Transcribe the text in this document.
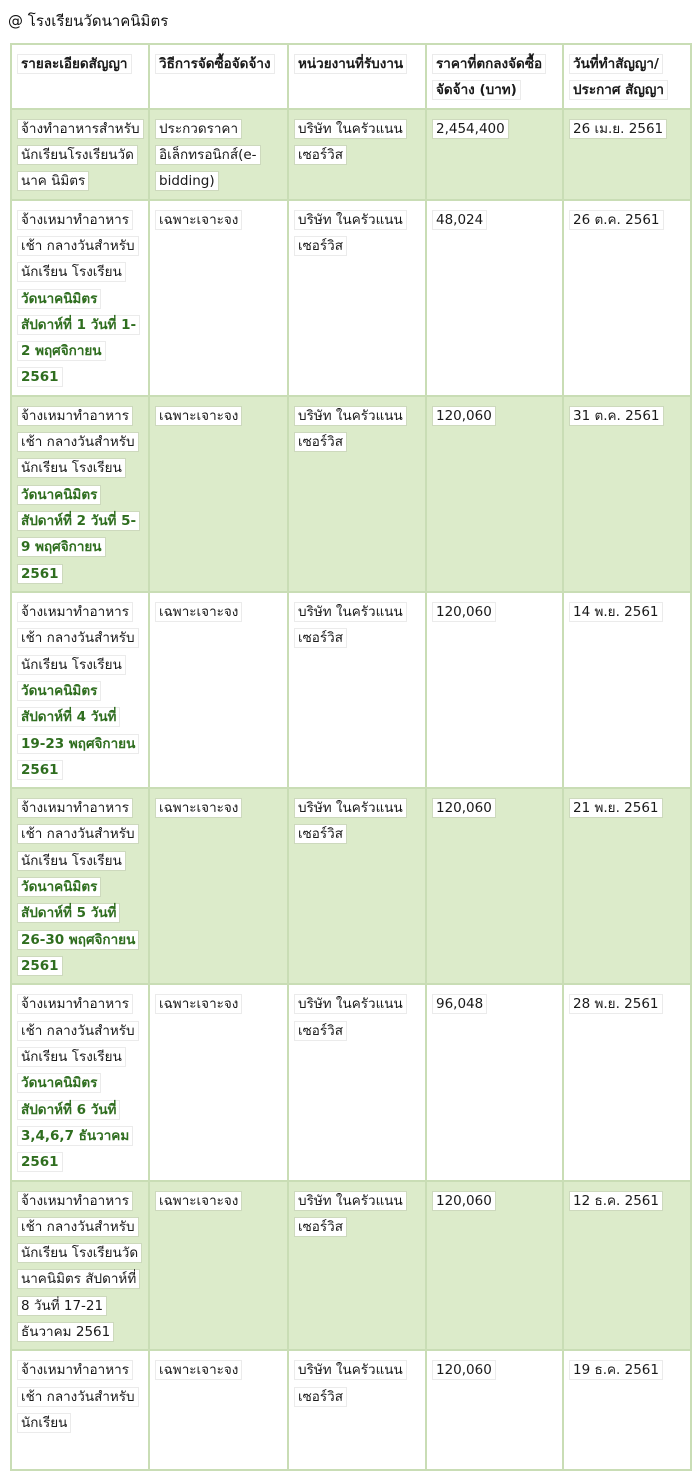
@ โรงเรียนวัดนาคนิมิตร
รายละเอียดสัญญา	วิธีการจัดซื้อจัดจ้าง	หน่วยงานที่รับงาน	ราคาที่ตกลงจัดซื้อจัดจ้าง (บาท)	วันที่ทำสัญญา/ประกาศ สัญญา
จ้างทำอาหารสำหรับ นักเรียนโรงเรียนวัดนาค นิมิตร	ประกวดราคา อิเล็กทรอนิกส์(e-bidding)	บริษัท ในครัวแนน เซอร์วิส	2,454,400	26 เม.ย. 2561
จ้างเหมาทำอาหารเช้า กลางวันสำหรับนักเรียน โรงเรียนวัดนาคนิมิตร สัปดาห์ที่ 1 วันที่ 1-2 พฤศจิกายน 2561	เฉพาะเจาะจง	บริษัท ในครัวแนน เซอร์วิส	48,024	26 ต.ค. 2561
จ้างเหมาทำอาหารเช้า กลางวันสำหรับนักเรียน โรงเรียนวัดนาคนิมิตร สัปดาห์ที่ 2 วันที่ 5-9 พฤศจิกายน 2561	เฉพาะเจาะจง	บริษัท ในครัวแนน เซอร์วิส	120,060	31 ต.ค. 2561
จ้างเหมาทำอาหารเช้า กลางวันสำหรับนักเรียน โรงเรียนวัดนาคนิมิตร สัปดาห์ที่ 4 วันที่ 19-23 พฤศจิกายน 2561	เฉพาะเจาะจง	บริษัท ในครัวแนน เซอร์วิส	120,060	14 พ.ย. 2561
จ้างเหมาทำอาหารเช้า กลางวันสำหรับนักเรียน โรงเรียนวัดนาคนิมิตร สัปดาห์ที่ 5 วันที่ 26-30 พฤศจิกายน 2561	เฉพาะเจาะจง	บริษัท ในครัวแนน เซอร์วิส	120,060	21 พ.ย. 2561
จ้างเหมาทำอาหารเช้า กลางวันสำหรับนักเรียน โรงเรียนวัดนาคนิมิตร สัปดาห์ที่ 6 วันที่ 3,4,6,7 ธันวาคม 2561	เฉพาะเจาะจง	บริษัท ในครัวแนน เซอร์วิส	96,048	28 พ.ย. 2561
จ้างเหมาทำอาหารเช้า กลางวันสำหรับนักเรียน โรงเรียนวัดนาคนิมิตร สัปดาห์ที่ 8 วันที่ 17-21 ธันวาคม 2561	เฉพาะเจาะจง	บริษัท ในครัวแนน เซอร์วิส	120,060	12 ธ.ค. 2561
จ้างเหมาทำอาหารเช้า กลางวันสำหรับนักเรียน	เฉพาะเจาะจง	บริษัท ในครัวแนน เซอร์วิส	120,060	19 ธ.ค. 2561
